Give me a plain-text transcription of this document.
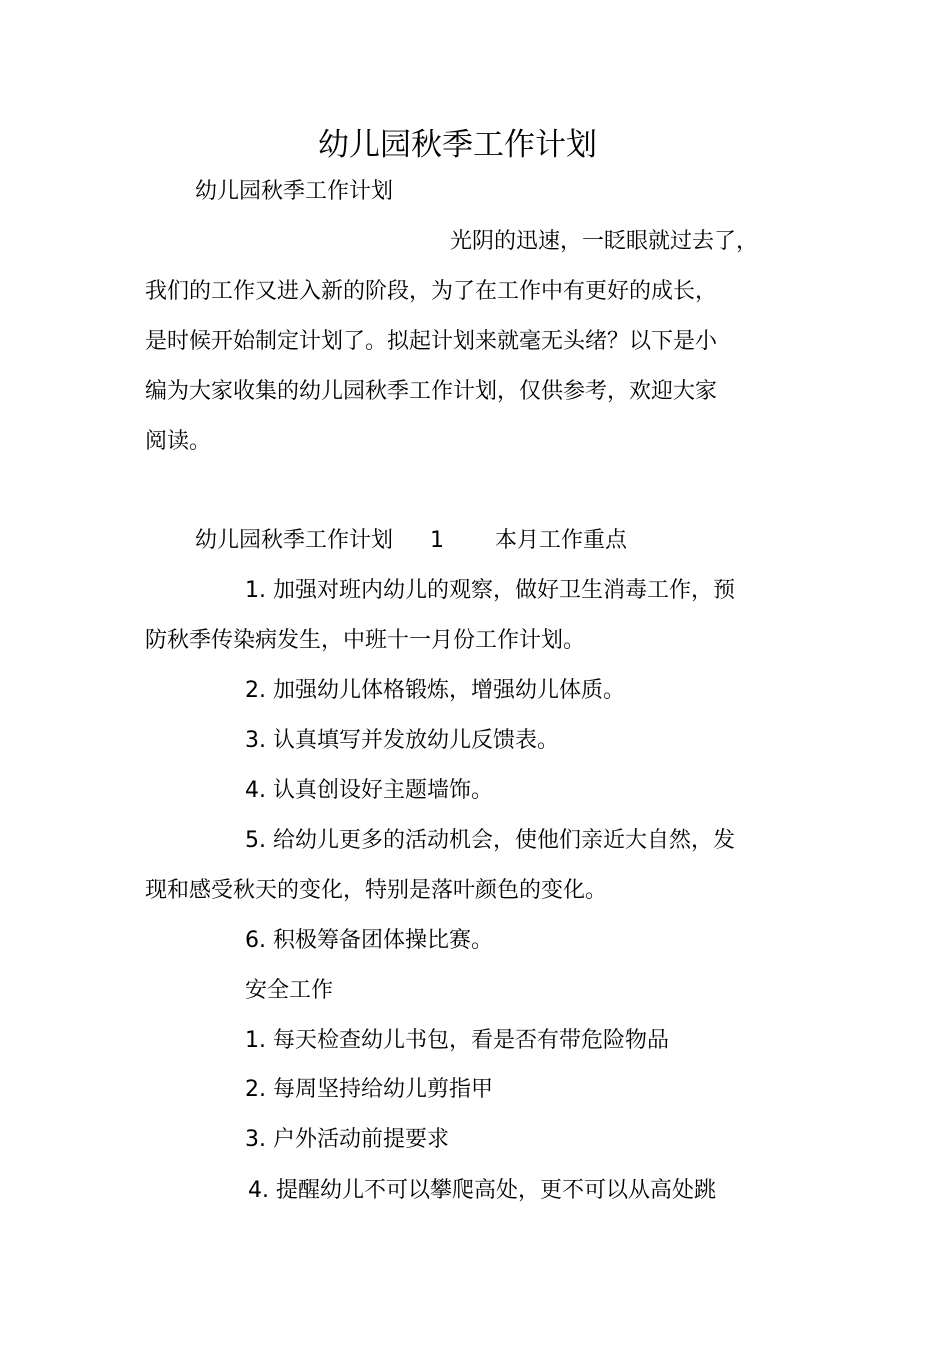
幼儿园秋季工作计划

幼儿园秋季工作计划

光阴的迅速，一眨眼就过去了，

我们的工作又进入新的阶段，为了在工作中有更好的成长，

是时候开始制定计划了。拟起计划来就毫无头绪？以下是小

编为大家收集的幼儿园秋季工作计划，仅供参考，欢迎大家

阅读。

幼儿园秋季工作计划 1 本月工作重点

1. 加强对班内幼儿的观察，做好卫生消毒工作，预

防秋季传染病发生，中班十一月份工作计划。

2. 加强幼儿体格锻炼，增强幼儿体质。

3. 认真填写并发放幼儿反馈表。

4. 认真创设好主题墙饰。

5. 给幼儿更多的活动机会，使他们亲近大自然，发

现和感受秋天的变化，特别是落叶颜色的变化。

6. 积极筹备团体操比赛。

安全工作

1. 每天检查幼儿书包，看是否有带危险物品

2. 每周坚持给幼儿剪指甲

3. 户外活动前提要求

4. 提醒幼儿不可以攀爬高处，更不可以从高处跳
